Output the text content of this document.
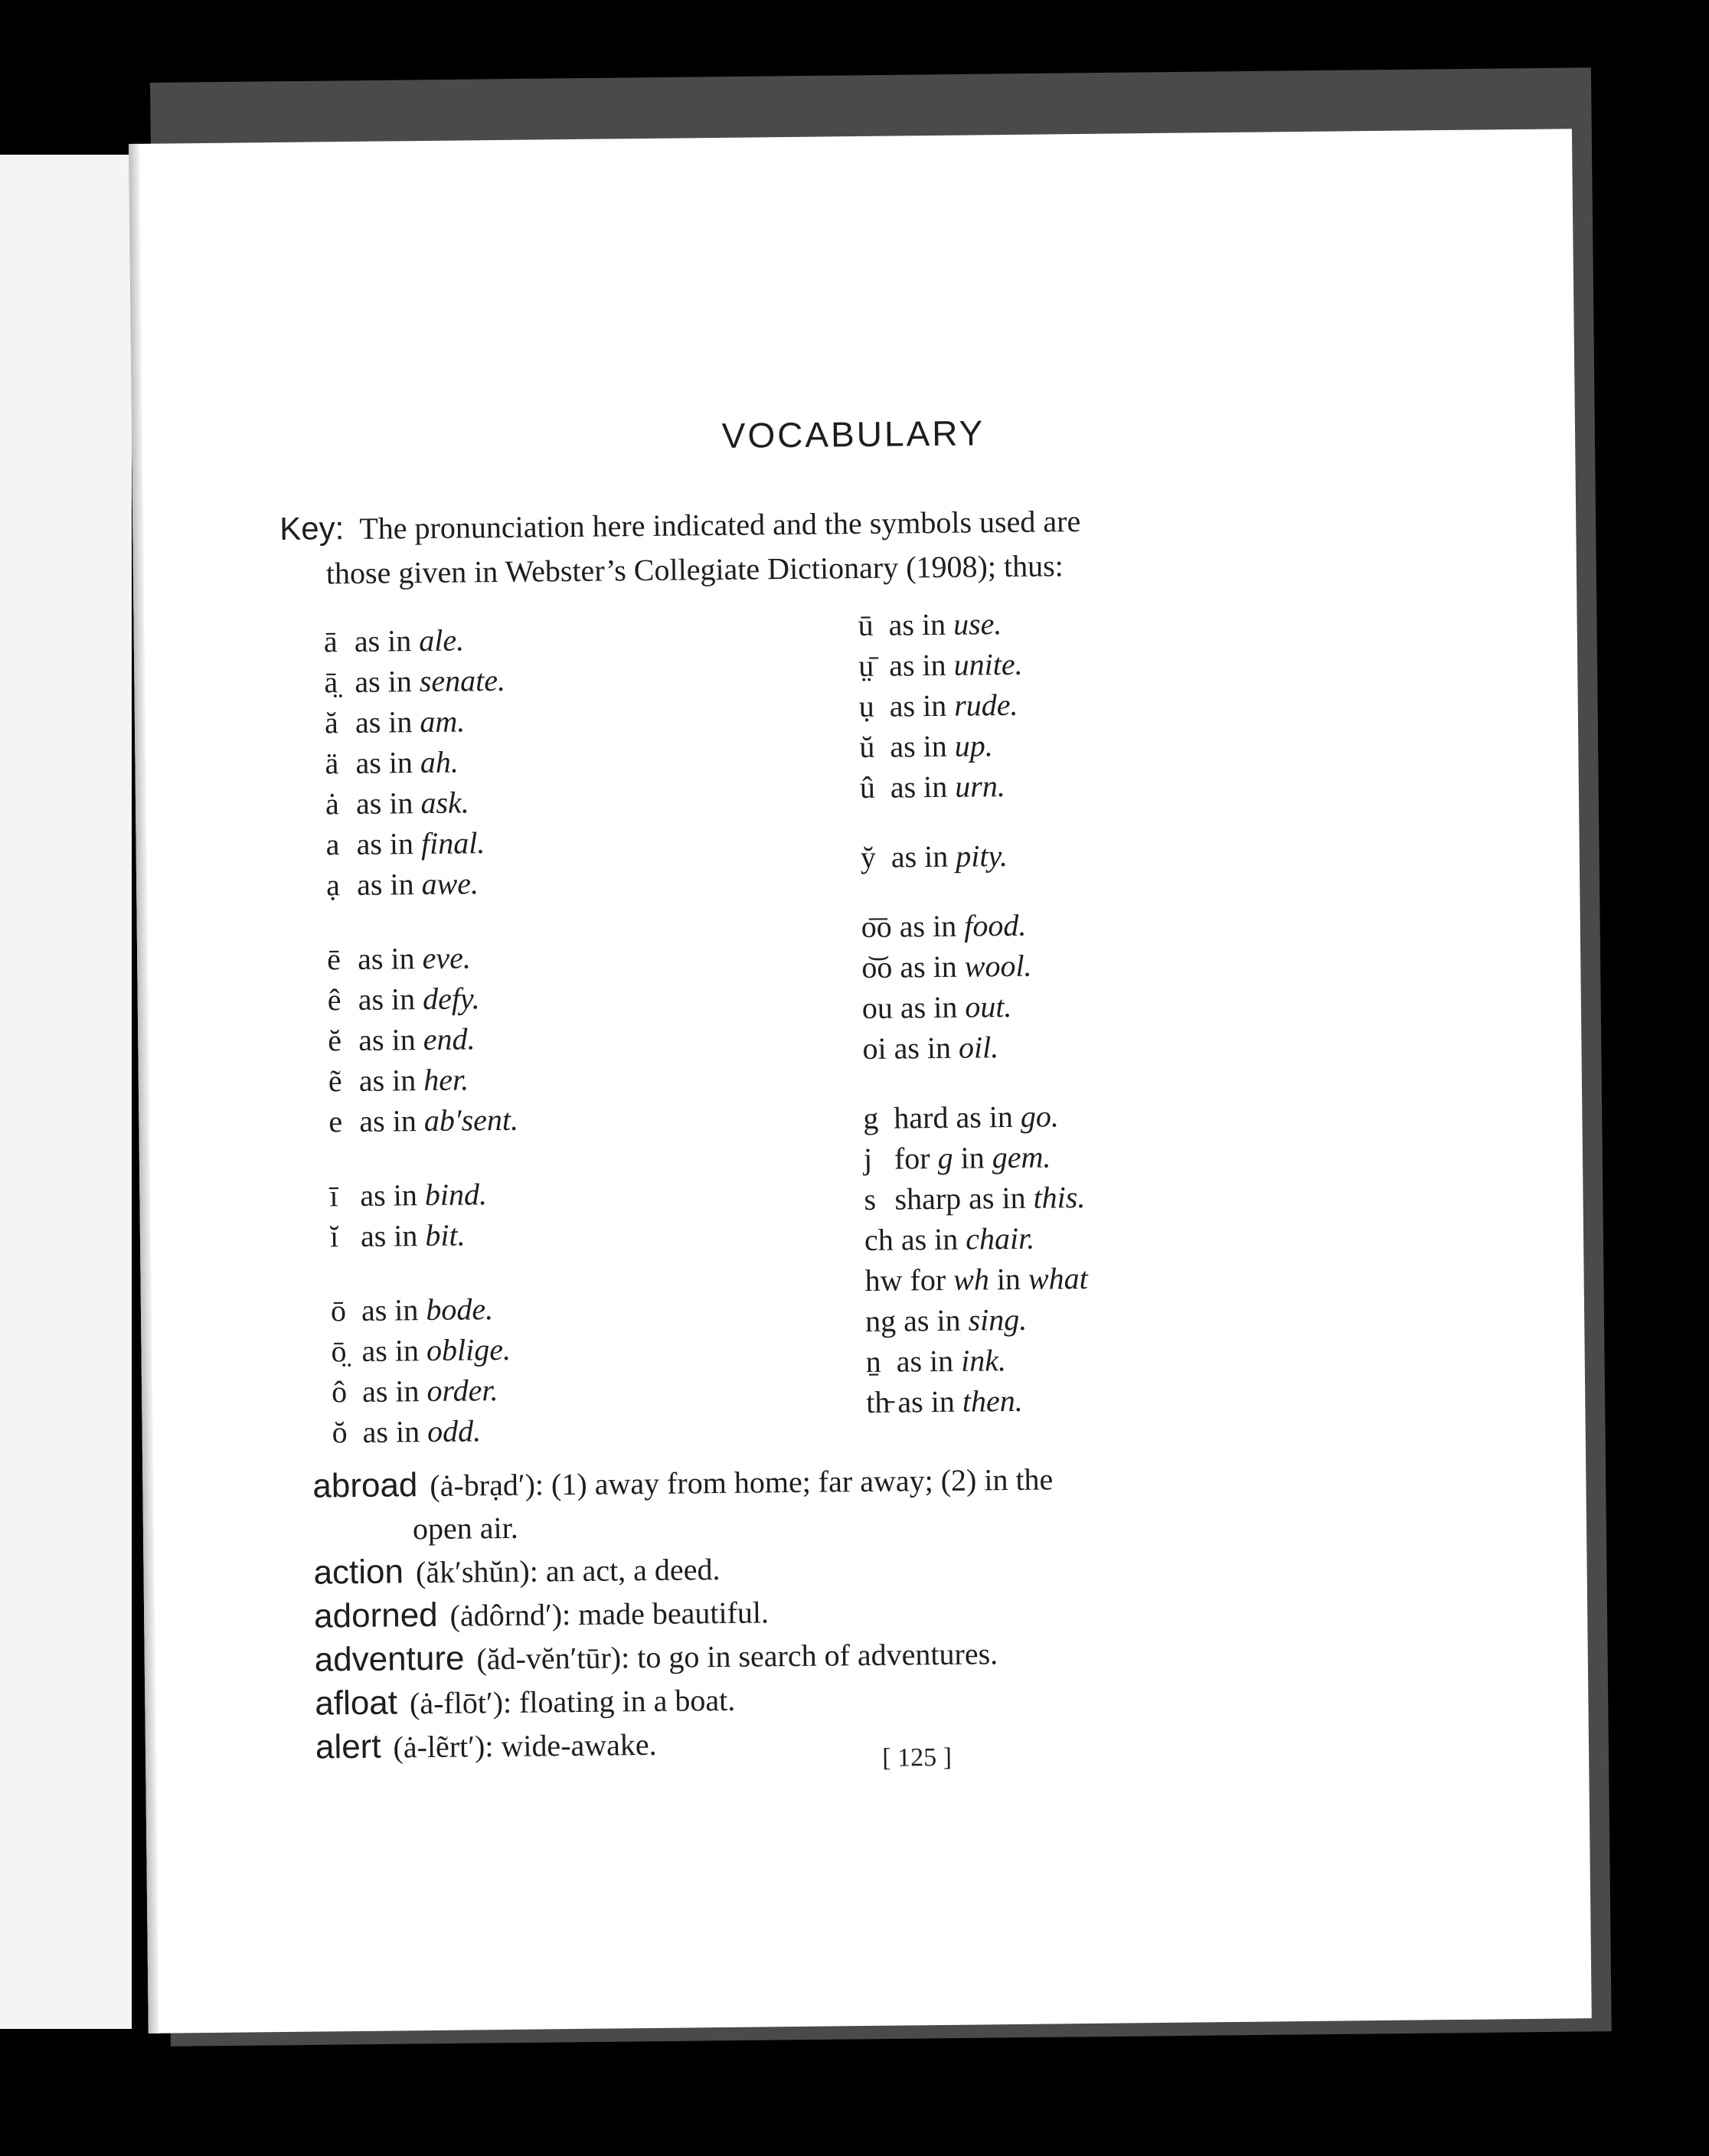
VOCABULARY
Key: The pronunciation here indicated and the symbols used are
those given in Webster’s Collegiate Dictionary (1908); thus:
ā as in ale.
ā̤ as in senate.
ă as in am.
ä as in ah.
ȧ as in ask.
a as in final.
ạ as in awe.
ē as in eve.
ê as in defy.
ĕ as in end.
ẽ as in her.
e as in ab′sent.
ī as in bind.
ĭ as in bit.
ō as in bode.
ō̤ as in oblige.
ô as in order.
ŏ as in odd.
ū as in use.
ṳ̄ as in unite.
ụ as in rude.
ŭ as in up.
û as in urn.
y̆ as in pity.
o͞o as in food.
o͝o as in wool.
ou as in out.
oi as in oil.
g hard as in go.
j for g in gem.
s sharp as in this.
ch as in chair.
hw for wh in what
ng as in sing.
ṉ as in ink.
th̵ as in then.
abroad (ȧ-brạd′): (1) away from home; far away; (2) in the
open air.
action (ăk′shŭn): an act, a deed.
adorned (ȧdôrnd′): made beautiful.
adventure (ăd-vĕn′tūr): to go in search of adventures.
afloat (ȧ-flōt′): floating in a boat.
alert (ȧ-lẽrt′): wide-awake.	[ 125 ]
